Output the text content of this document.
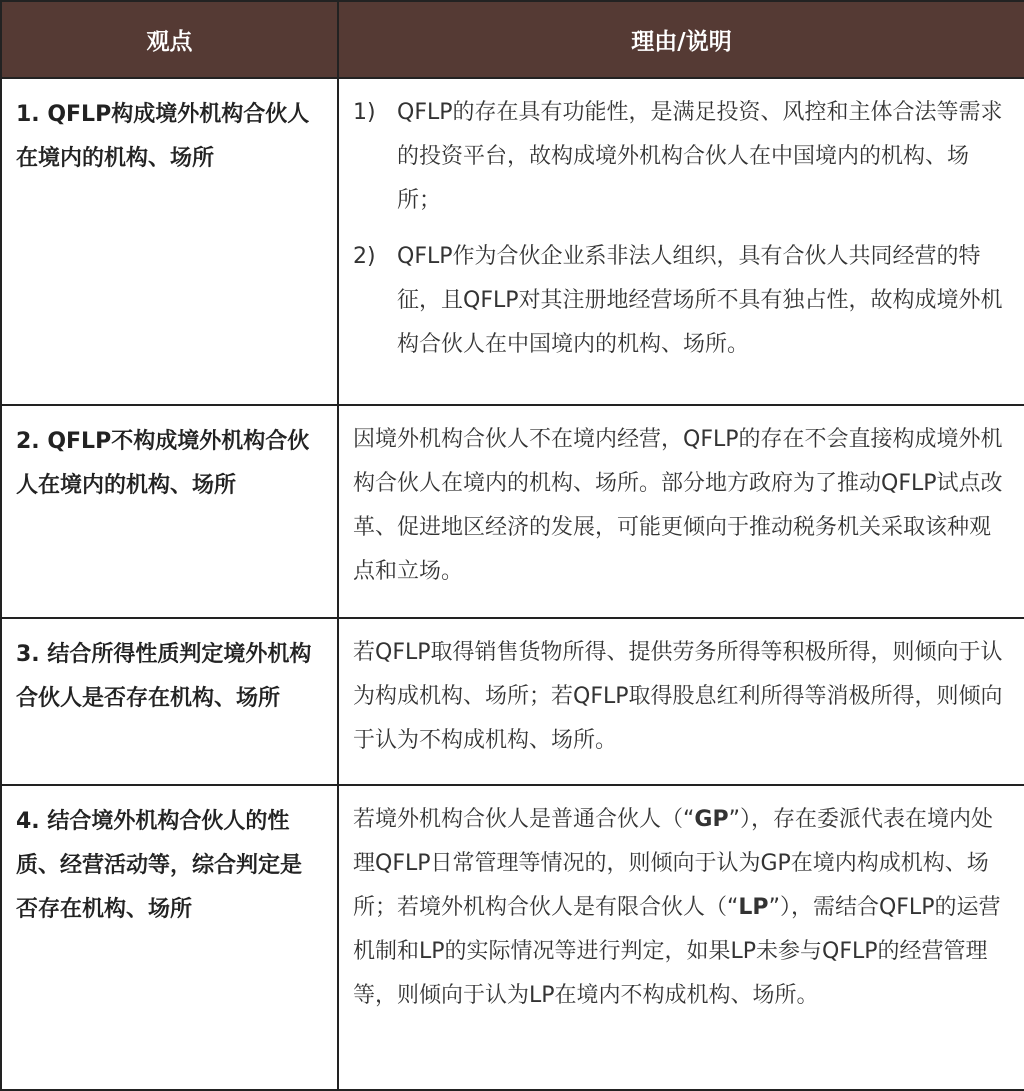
观点	理由/说明
1. QFLP构成境外机构合伙人在境内的机构、场所	1) QFLP的存在具有功能性，是满足投资、风控和主体合法等需求的投资平台，故构成境外机构合伙人在中国境内的机构、场所；
2) QFLP作为合伙企业系非法人组织，具有合伙人共同经营的特征，且QFLP对其注册地经营场所不具有独占性，故构成境外机构合伙人在中国境内的机构、场所。

2. QFLP不构成境外机构合伙人在境内的机构、场所	因境外机构合伙人不在境内经营，QFLP的存在不会直接构成境外机构合伙人在境内的机构、场所。部分地方政府为了推动QFLP试点改革、促进地区经济的发展，可能更倾向于推动税务机关采取该种观点和立场。
3. 结合所得性质判定境外机构合伙人是否存在机构、场所	若QFLP取得销售货物所得、提供劳务所得等积极所得，则倾向于认为构成机构、场所；若QFLP取得股息红利所得等消极所得，则倾向于认为不构成机构、场所。
4. 结合境外机构合伙人的性质、经营活动等，综合判定是否存在机构、场所	若境外机构合伙人是普通合伙人（“GP”），存在委派代表在境内处理QFLP日常管理等情况的，则倾向于认为GP在境内构成机构、场所；若境外机构合伙人是有限合伙人（“LP”），需结合QFLP的运营机制和LP的实际情况等进行判定，如果LP未参与QFLP的经营管理等，则倾向于认为LP在境内不构成机构、场所。
